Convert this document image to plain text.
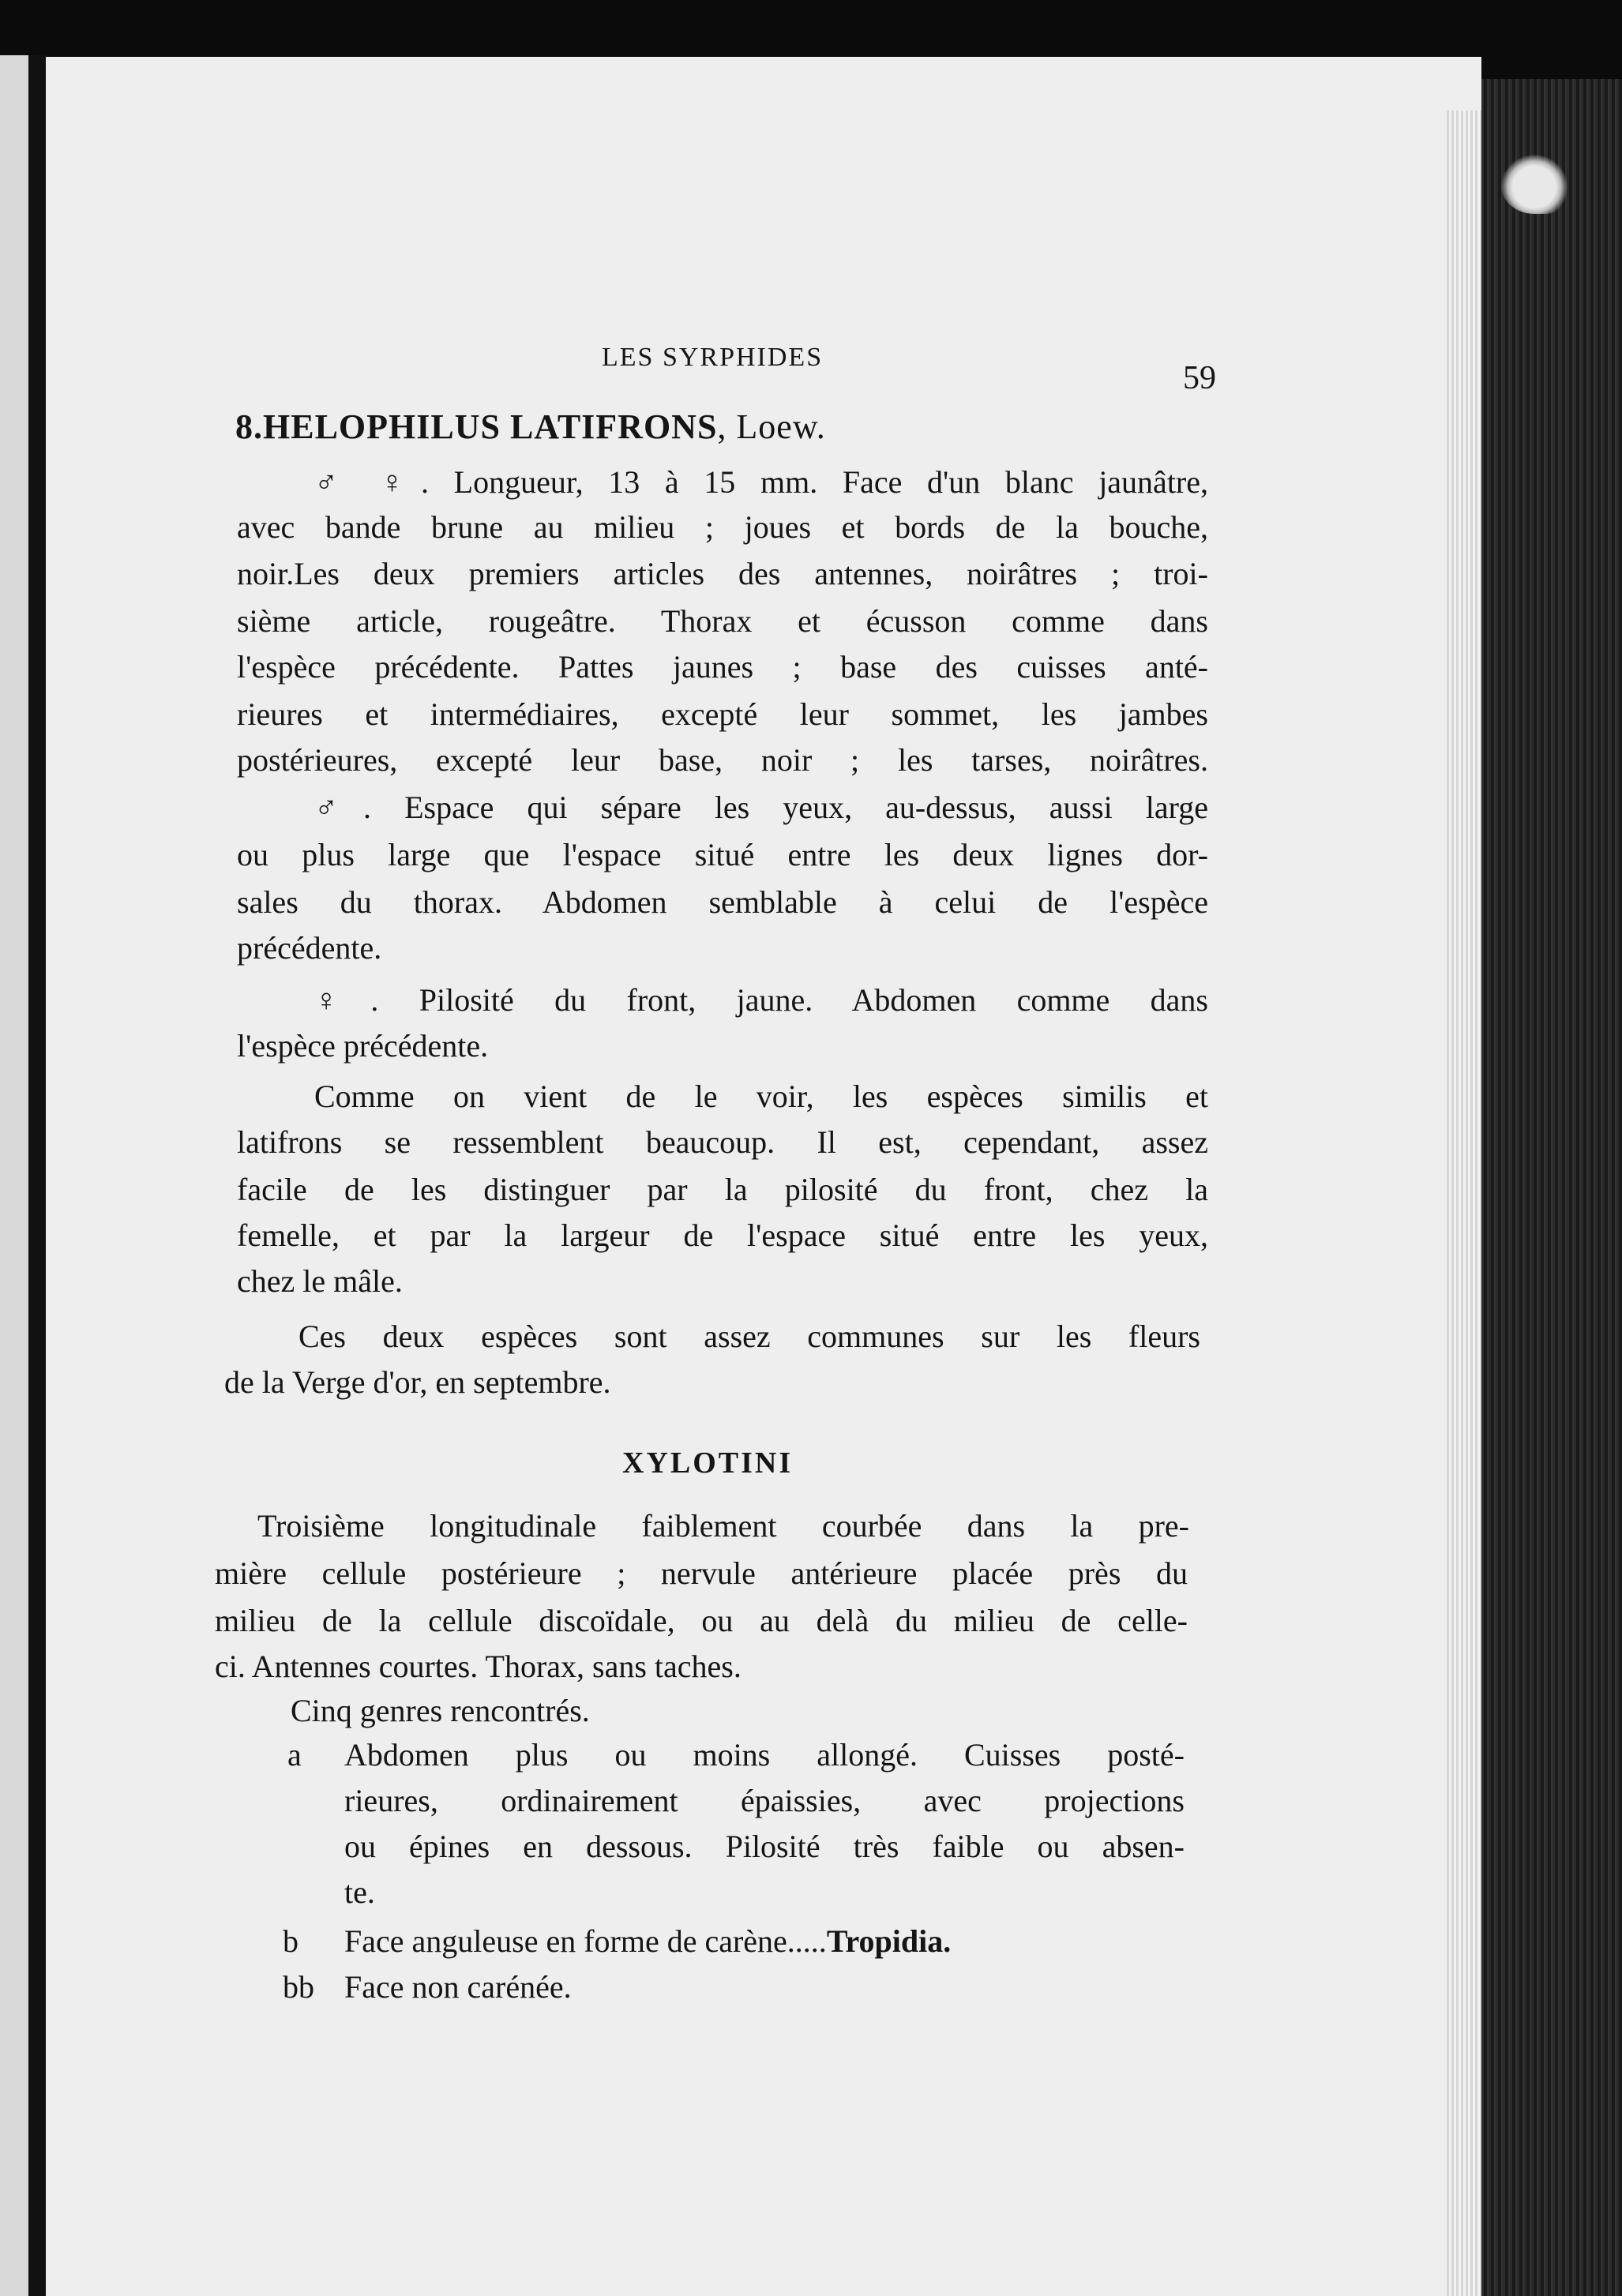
LES SYRPHIDES
59
8.HELOPHILUS LATIFRONS, Loew.
♂ ♀. Longueur, 13 à 15 mm. Face d'un blanc jaunâtre,
avec bande brune au milieu ; joues et bords de la bouche,
noir.Les deux premiers articles des antennes, noirâtres ; troi-
sième article, rougeâtre. Thorax et écusson comme dans
l'espèce précédente. Pattes jaunes ; base des cuisses anté-
rieures et intermédiaires, excepté leur sommet, les jambes
postérieures, excepté leur base, noir ; les tarses, noirâtres.
♂. Espace qui sépare les yeux, au-dessus, aussi large
ou plus large que l'espace situé entre les deux lignes dor-
sales du thorax. Abdomen semblable à celui de l'espèce
précédente.
♀. Pilosité du front, jaune. Abdomen comme dans
l'espèce précédente.
Comme on vient de le voir, les espèces similis et
latifrons se ressemblent beaucoup. Il est, cependant, assez
facile de les distinguer par la pilosité du front, chez la
femelle, et par la largeur de l'espace situé entre les yeux,
chez le mâle.
Ces deux espèces sont assez communes sur les fleurs
de la Verge d'or, en septembre.
XYLOTINI
Troisième longitudinale faiblement courbée dans la pre-
mière cellule postérieure ; nervule antérieure placée près du
milieu de la cellule discoïdale, ou au delà du milieu de celle-
ci. Antennes courtes. Thorax, sans taches.
Cinq genres rencontrés.
a Abdomen plus ou moins allongé. Cuisses posté-
rieures, ordinairement épaissies, avec projections
ou épines en dessous. Pilosité très faible ou absen-
te.
b Face anguleuse en forme de carène.....Tropidia.
bb Face non carénée.
